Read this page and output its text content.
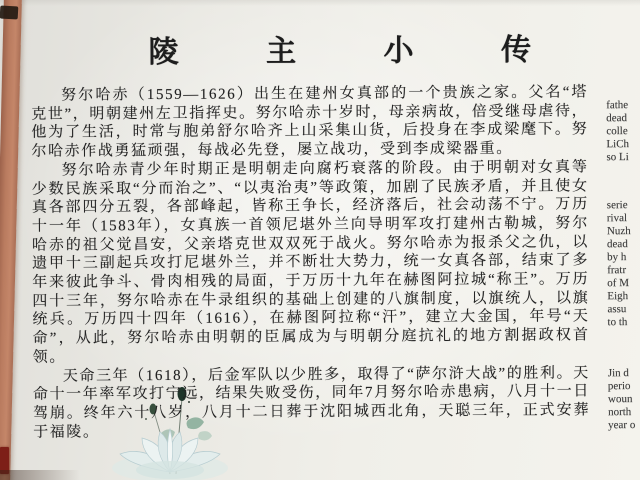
陵 主 小 传

努尔哈赤（1559—1626）出生在建州女真部的一个贵族之家。父名“塔克世”，明朝建州左卫指挥史。努尔哈赤十岁时，母亲病故，倍受继母虐待，他为了生活，时常与胞弟舒尔哈齐上山采集山货，后投身在李成梁麾下。努尔哈赤作战勇猛顽强，每战必先登，屡立战功，受到李成梁器重。

努尔哈赤青少年时期正是明朝走向腐朽衰落的阶段。由于明朝对女真等少数民族采取“分而治之”、“以夷治夷”等政策，加剧了民族矛盾，并且使女真各部四分五裂，各部峰起，皆称王争长，经济落后，社会动荡不宁。万历十一年（1583年），女真族一首领尼堪外兰向导明军攻打建州古勒城，努尔哈赤的祖父觉昌安，父亲塔克世双双死于战火。努尔哈赤为报杀父之仇，以遗甲十三副起兵攻打尼堪外兰，并不断壮大势力，统一女真各部，结束了多年来彼此争斗、骨肉相残的局面，于万历十九年在赫图阿拉城“称王”。万历四十三年，努尔哈赤在牛录组织的基础上创建的八旗制度，以旗统人，以旗统兵。万历四十四年（1616），在赫图阿拉称“汗”，建立大金国，年号“天命”，从此，努尔哈赤由明朝的臣属成为与明朝分庭抗礼的地方割据政权首领。

天命三年（1618），后金军队以少胜多，取得了“萨尔浒大战”的胜利。天命十一年率军攻打宁远，结果失败受伤，同年7月努尔哈赤患病，八月十一日驾崩。终年六十八岁，八月十二日葬于沈阳城西北角，天聪三年，正式安葬于福陵。

fathe
dead
colle
LiCh
so Li
serie
rival
Nuzh
dead
by h
fratr
of M
Eigh
assu
to th
Jin d
perio
woun
north
year o
